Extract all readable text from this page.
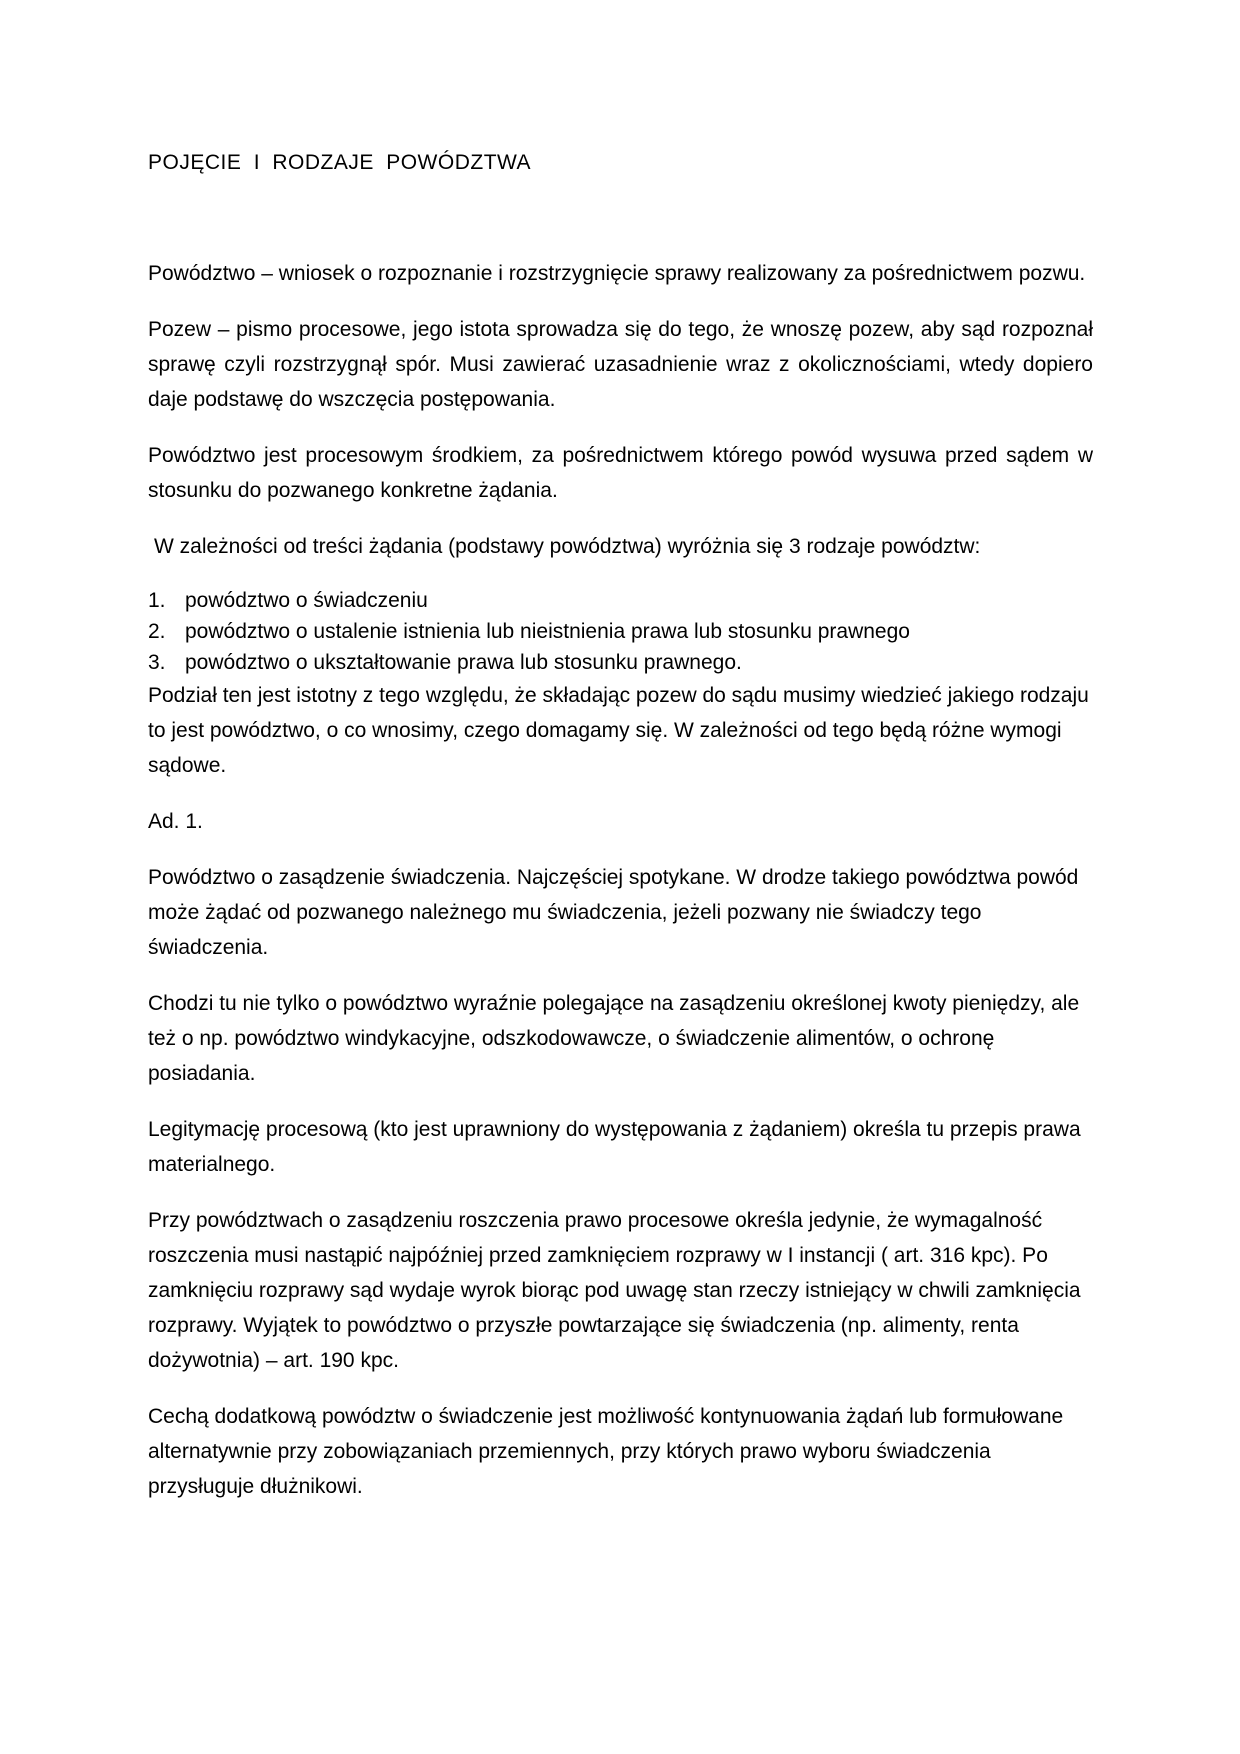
POJĘCIE I RODZAJE POWÓDZTWA

Powództwo – wniosek o rozpoznanie i rozstrzygnięcie sprawy realizowany za pośrednictwem pozwu.

Pozew – pismo procesowe, jego istota sprowadza się do tego, że wnoszę pozew, aby sąd rozpoznał sprawę czyli rozstrzygnął spór. Musi zawierać uzasadnienie wraz z okolicznościami, wtedy dopiero daje podstawę do wszczęcia postępowania.

Powództwo jest procesowym środkiem, za pośrednictwem którego powód wysuwa przed sądem w stosunku do pozwanego konkretne żądania.

W zależności od treści żądania (podstawy powództwa) wyróżnia się 3 rodzaje powództw:

1. powództwo o świadczeniu
2. powództwo o ustalenie istnienia lub nieistnienia prawa lub stosunku prawnego
3. powództwo o ukształtowanie prawa lub stosunku prawnego.

Podział ten jest istotny z tego względu, że składając pozew do sądu musimy wiedzieć jakiego rodzaju to jest powództwo, o co wnosimy, czego domagamy się. W zależności od tego będą różne wymogi sądowe.

Ad. 1.

Powództwo o zasądzenie świadczenia. Najczęściej spotykane. W drodze takiego powództwa powód może żądać od pozwanego należnego mu świadczenia, jeżeli pozwany nie świadczy tego świadczenia.

Chodzi tu nie tylko o powództwo wyraźnie polegające na zasądzeniu określonej kwoty pieniędzy, ale też o np. powództwo windykacyjne, odszkodowawcze, o świadczenie alimentów, o ochronę posiadania.

Legitymację procesową (kto jest uprawniony do występowania z żądaniem) określa tu przepis prawa materialnego.

Przy powództwach o zasądzeniu roszczenia prawo procesowe określa jedynie, że wymagalność roszczenia musi nastąpić najpóźniej przed zamknięciem rozprawy w I instancji ( art. 316 kpc). Po zamknięciu rozprawy sąd wydaje wyrok biorąc pod uwagę stan rzeczy istniejący w chwili zamknięcia rozprawy. Wyjątek to powództwo o przyszłe powtarzające się świadczenia (np. alimenty, renta dożywotnia) – art. 190 kpc.

Cechą dodatkową powództw o świadczenie jest możliwość kontynuowania żądań lub formułowane alternatywnie przy zobowiązaniach przemiennych, przy których prawo wyboru świadczenia przysługuje dłużnikowi.
